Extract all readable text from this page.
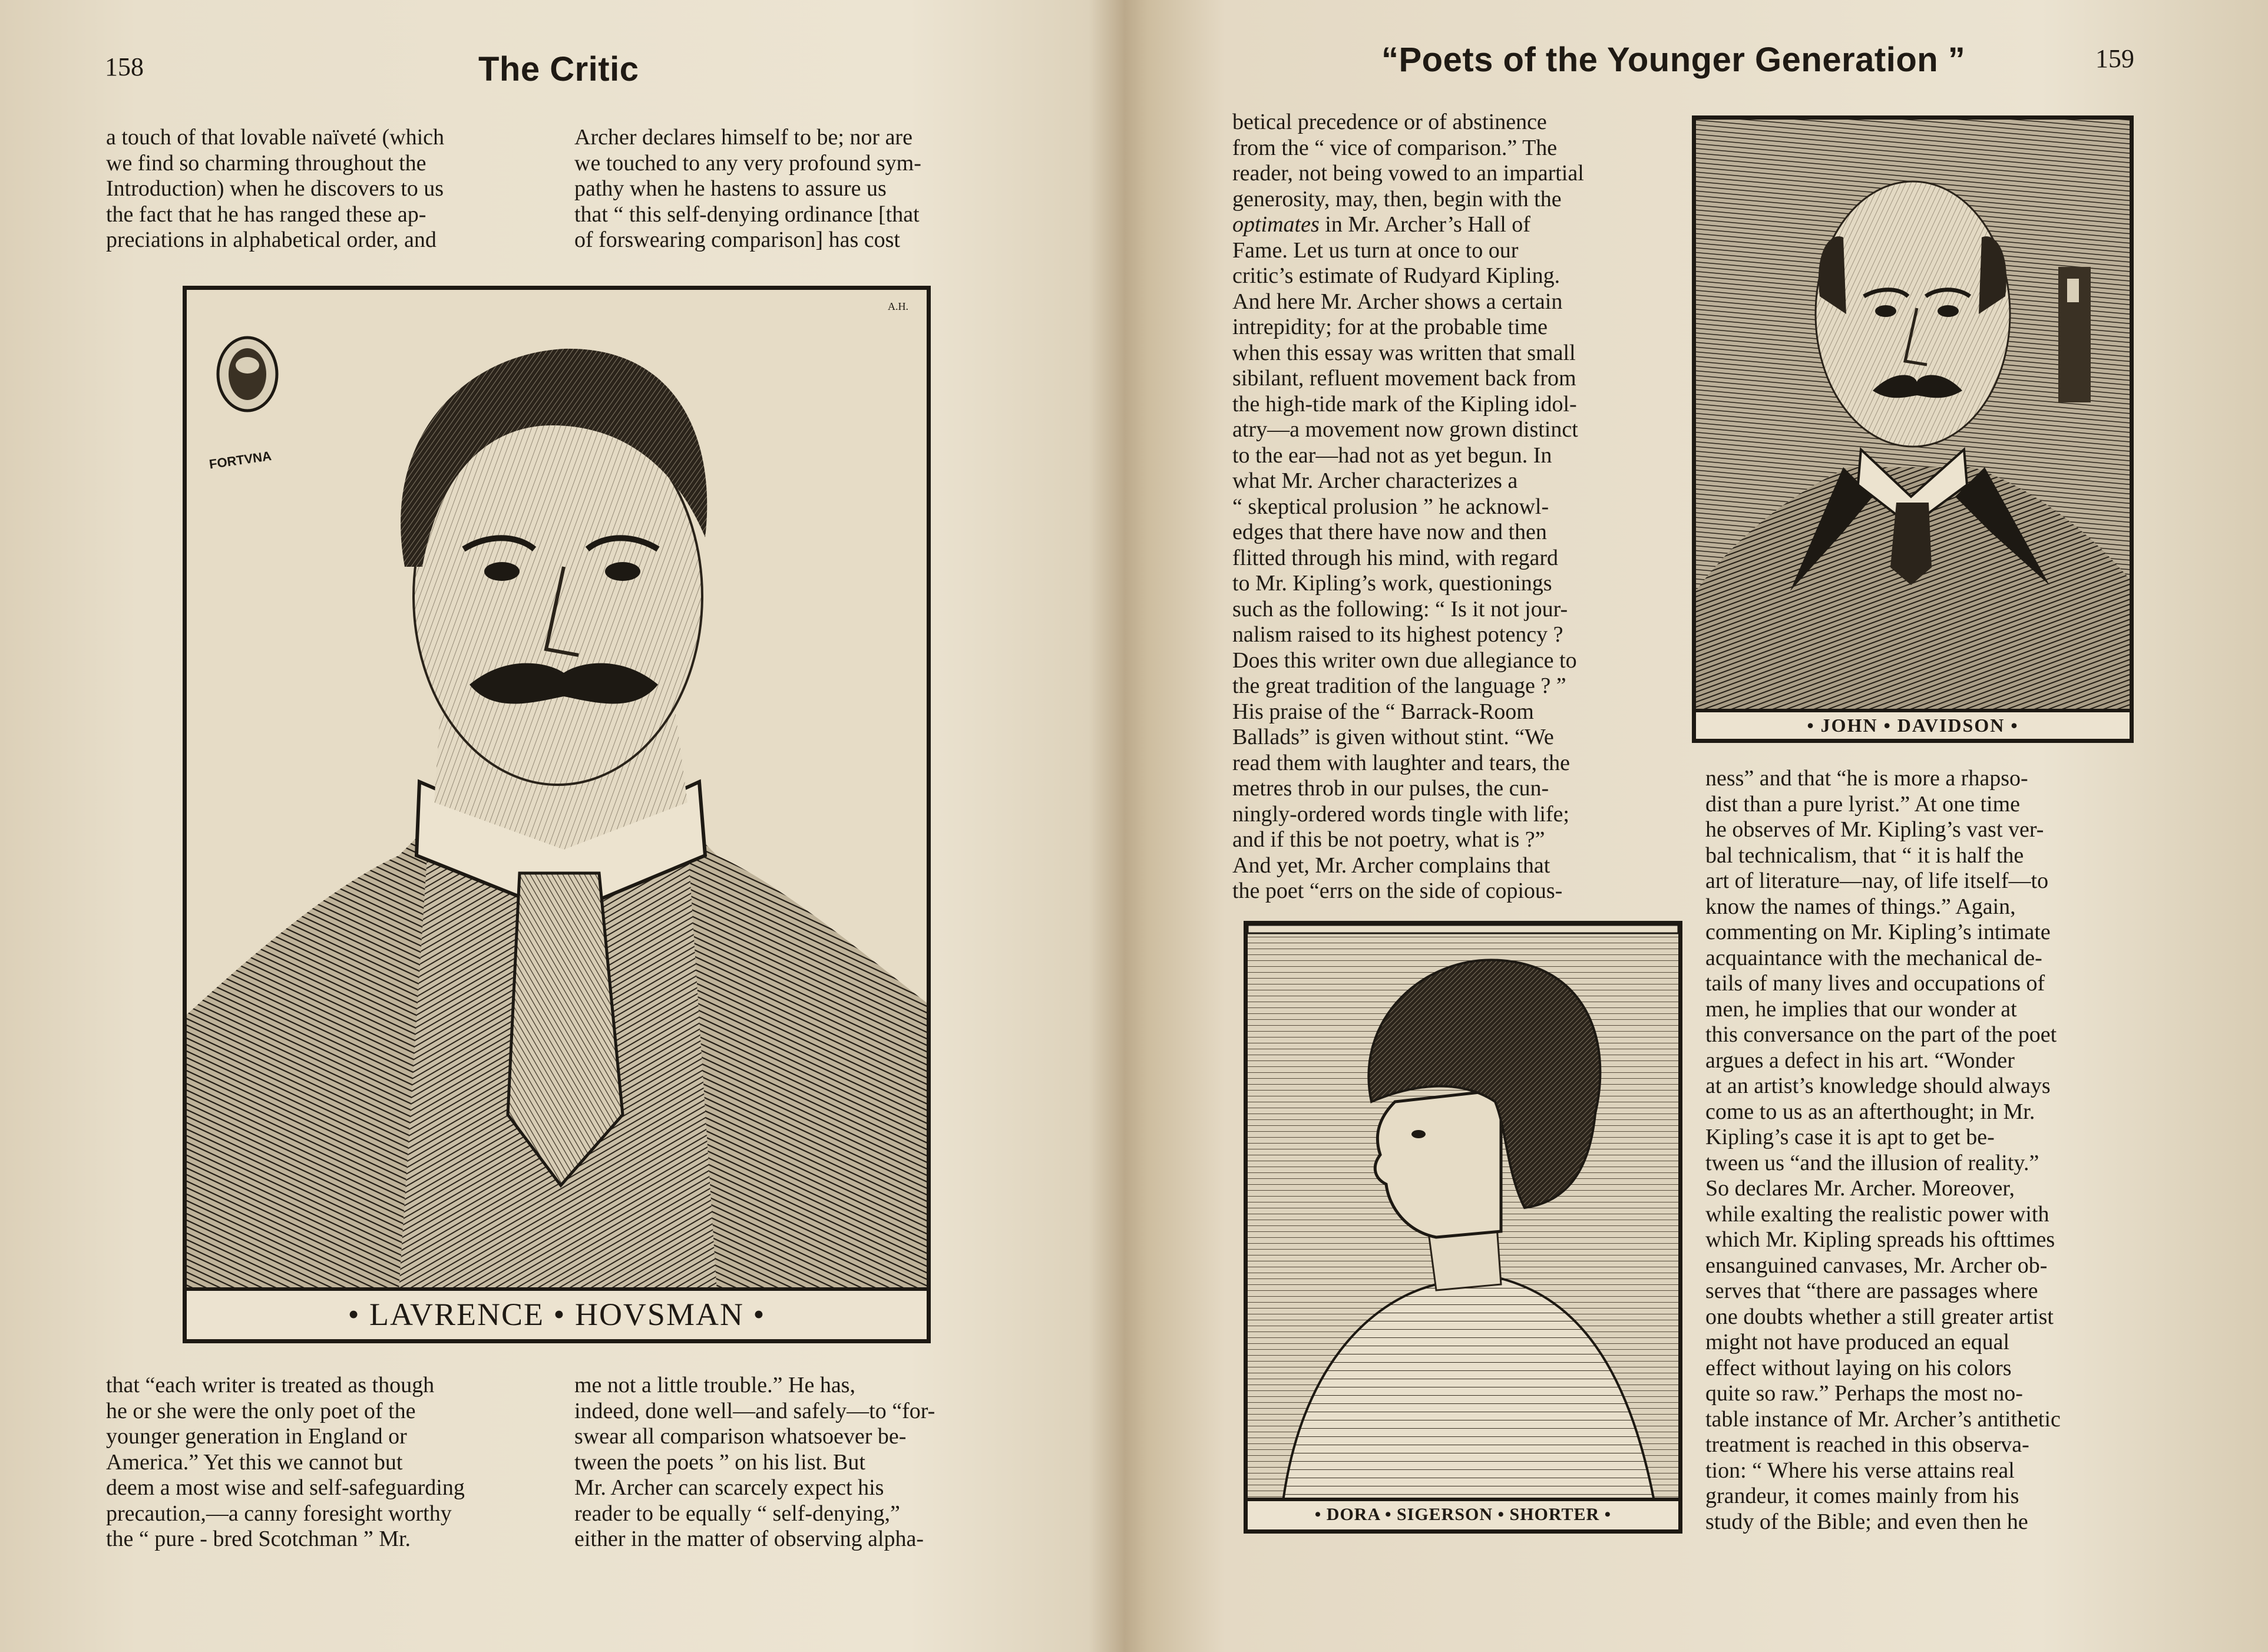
158	The Critic

a touch of that lovable naïveté (which

we find so charming throughout the

Introduction) when he discovers to us

the fact that he has ranged these ap-

preciations in alphabetical order, and

Archer declares himself to be; nor are

we touched to any very profound sym-

pathy when he hastens to assure us

that “ this self-denying ordinance [that

of forswearing comparison] has cost

FORTVNA
A.H.
• LAVRENCE • HOVSMAN •

that “each writer is treated as though

he or she were the only poet of the

younger generation in England or

America.” Yet this we cannot but

deem a most wise and self-safeguarding

precaution,—a canny foresight worthy

the “ pure - bred Scotchman ” Mr.

me not a little trouble.” He has,

indeed, done well—and safely—to “for-

swear all comparison whatsoever be-

tween the poets ” on his list. But

Mr. Archer can scarcely expect his

reader to be equally “ self-denying,”

either in the matter of observing alpha-

“Poets of the Younger Generation ”	159

betical precedence or of abstinence

from the “ vice of comparison.” The

reader, not being vowed to an impartial

generosity, may, then, begin with the

optimates in Mr. Archer’s Hall of

Fame. Let us turn at once to our

critic’s estimate of Rudyard Kipling.

And here Mr. Archer shows a certain

intrepidity; for at the probable time

when this essay was written that small

sibilant, refluent movement back from

the high-tide mark of the Kipling idol-

atry—a movement now grown distinct

to the ear—had not as yet begun. In

what Mr. Archer characterizes a

“ skeptical prolusion ” he acknowl-

edges that there have now and then

flitted through his mind, with regard

to Mr. Kipling’s work, questionings

such as the following: “ Is it not jour-

nalism raised to its highest potency ?

Does this writer own due allegiance to

the great tradition of the language ? ”

His praise of the “ Barrack-Room

Ballads” is given without stint. “We

read them with laughter and tears, the

metres throb in our pulses, the cun-

ningly-ordered words tingle with life;

and if this be not poetry, what is ?”

And yet, Mr. Archer complains that

the poet “errs on the side of copious-

• JOHN • DAVIDSON •
• DORA • SIGERSON • SHORTER •

ness” and that “he is more a rhapso-

dist than a pure lyrist.” At one time

he observes of Mr. Kipling’s vast ver-

bal technicalism, that “ it is half the

art of literature—nay, of life itself—to

know the names of things.” Again,

commenting on Mr. Kipling’s intimate

acquaintance with the mechanical de-

tails of many lives and occupations of

men, he implies that our wonder at

this conversance on the part of the poet

argues a defect in his art. “Wonder

at an artist’s knowledge should always

come to us as an afterthought; in Mr.

Kipling’s case it is apt to get be-

tween us “and the illusion of reality.”

So declares Mr. Archer. Moreover,

while exalting the realistic power with

which Mr. Kipling spreads his ofttimes

ensanguined canvases, Mr. Archer ob-

serves that “there are passages where

one doubts whether a still greater artist

might not have produced an equal

effect without laying on his colors

quite so raw.” Perhaps the most no-

table instance of Mr. Archer’s antithetic

treatment is reached in this observa-

tion: “ Where his verse attains real

grandeur, it comes mainly from his

study of the Bible; and even then he
